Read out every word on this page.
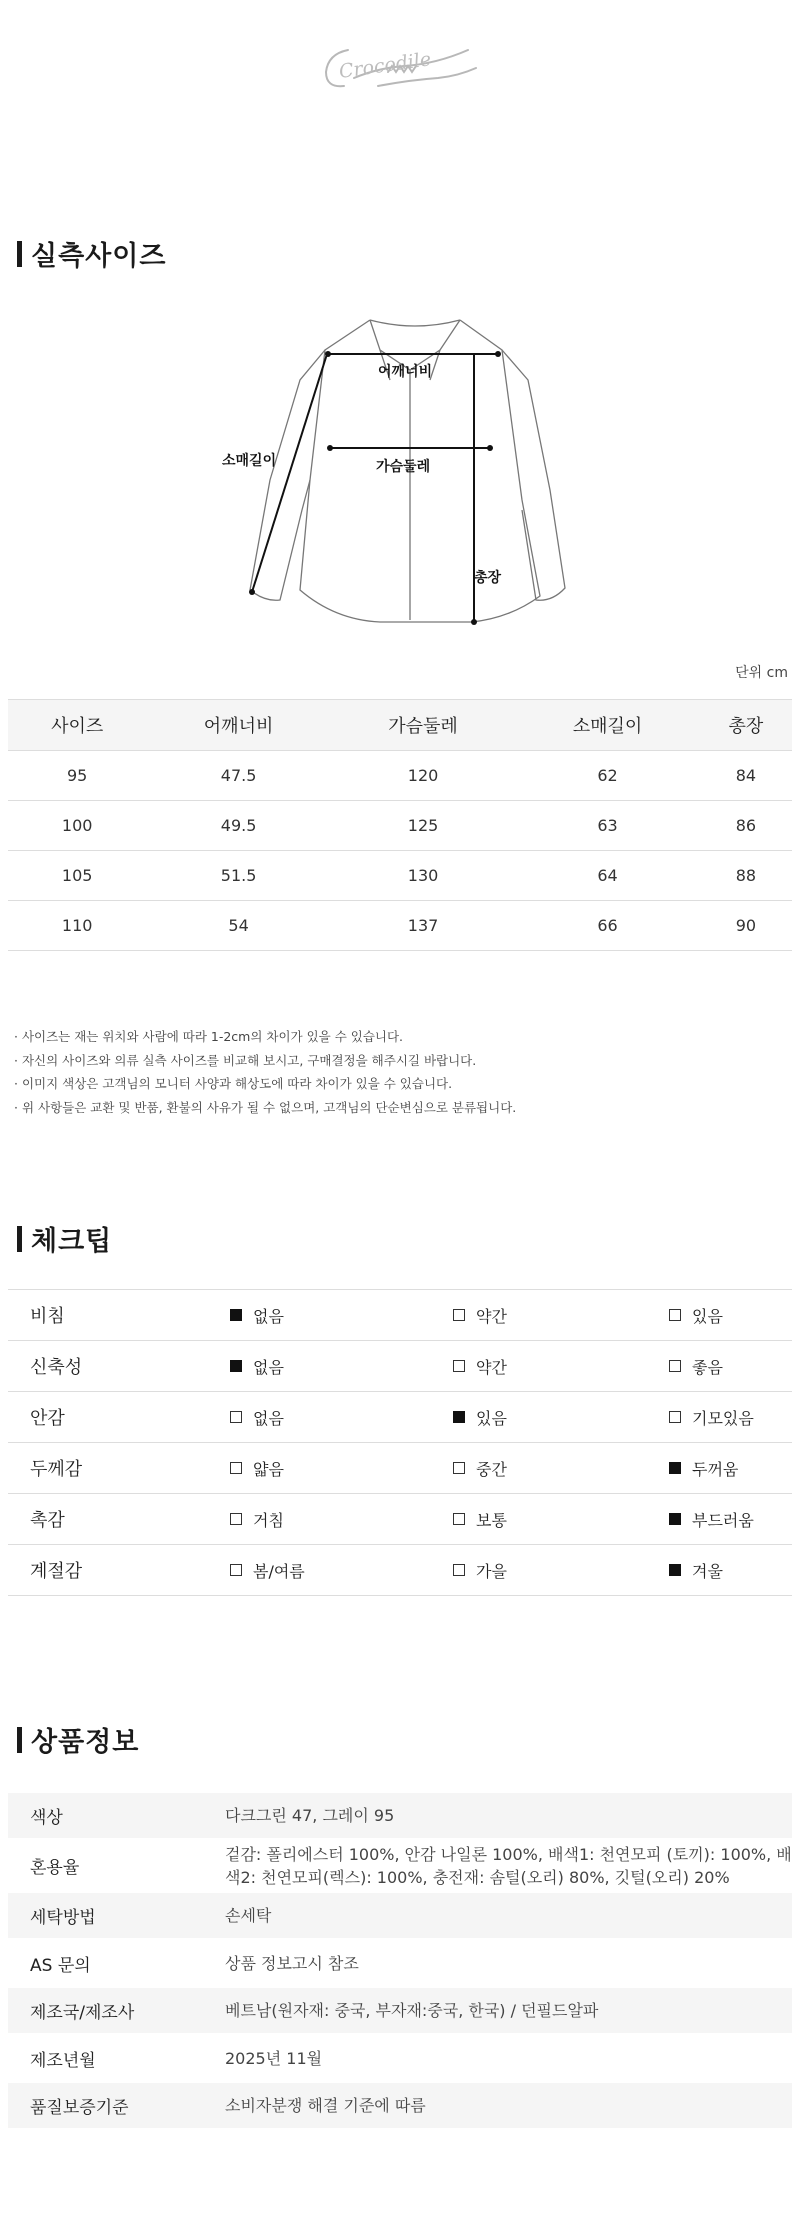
Crocodile
실측사이즈
어깨너비
가슴둘레
소매길이
총장
단위 cm
사이즈	어깨너비	가슴둘레	소매길이	총장
95	47.5	120	62	84
100	49.5	125	63	86
105	51.5	130	64	88
110	54	137	66	90
· 사이즈는 재는 위치와 사람에 따라 1-2cm의 차이가 있을 수 있습니다.
· 자신의 사이즈와 의류 실측 사이즈를 비교해 보시고, 구매결정을 해주시길 바랍니다.
· 이미지 색상은 고객님의 모니터 사양과 해상도에 따라 차이가 있을 수 있습니다.
· 위 사항들은 교환 및 반품, 환불의 사유가 될 수 없으며, 고객님의 단순변심으로 분류됩니다.
체크팁
비침	없음	약간	있음

신축성	없음	약간	좋음

안감	없음	있음	기모있음

두께감	얇음	중간	두꺼움

촉감	거침	보통	부드러움

계절감	봄/여름	가을	겨울
상품정보
색상	다크그린 47, 그레이 95
혼용율	겉감: 폴리에스터 100%, 안감 나일론 100%, 배색1: 천연모피 (토끼): 100%, 배색2: 천연모피(렉스): 100%, 충전재: 솜털(오리) 80%, 깃털(오리) 20%
세탁방법	손세탁
AS 문의	상품 정보고시 참조
제조국/제조사	베트남(원자재: 중국, 부자재:중국, 한국) / 던필드알파
제조년월	2025년 11월
품질보증기준	소비자분쟁 해결 기준에 따름
